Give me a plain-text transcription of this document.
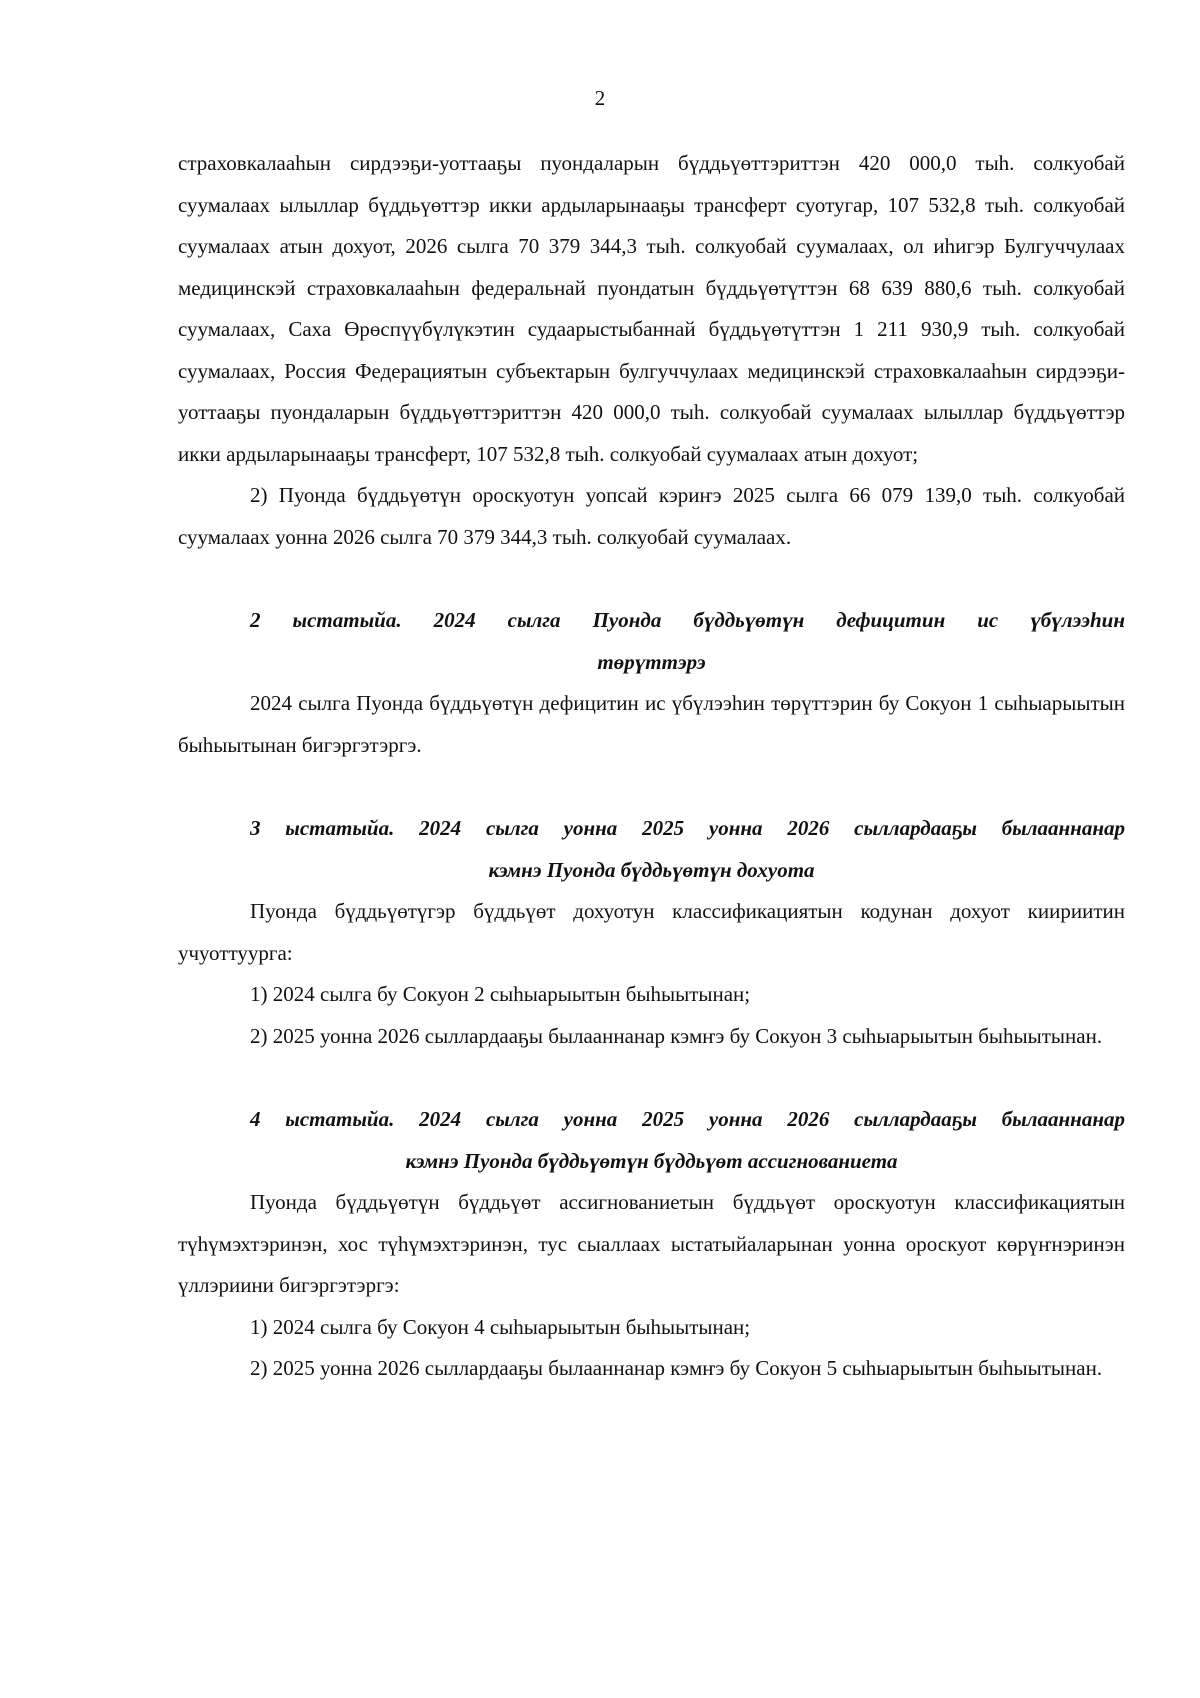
2

страховкалааһын сирдээҕи-уоттааҕы пуондаларын бүддьүөттэриттэн 420 000,0 тыһ. солкуобай суумалаах ылыллар бүддьүөттэр икки ардыларынааҕы трансферт суотугар, 107 532,8 тыһ. солкуобай суумалаах атын дохуот, 2026 сылга 70 379 344,3 тыһ. солкуобай суумалаах, ол иһигэр Булгуччулаах медицинскэй страховкалааһын федеральнай пуондатын бүддьүөтүттэн 68 639 880,6 тыһ. солкуобай суумалаах, Саха Өрөспүүбүлүкэтин судаарыстыбаннай бүддьүөтүттэн 1 211 930,9 тыһ. солкуобай суумалаах, Россия Федерациятын субъектарын булгуччулаах медицинскэй страховкалааһын сирдээҕи-уоттааҕы пуондаларын бүддьүөттэриттэн 420 000,0 тыһ. солкуобай суумалаах ылыллар бүддьүөттэр икки ардыларынааҕы трансферт, 107 532,8 тыһ. солкуобай суумалаах атын дохуот;

2) Пуонда бүддьүөтүн ороскуотун уопсай кэриҥэ 2025 сылга 66 079 139,0 тыһ. солкуобай суумалаах уонна 2026 сылга 70 379 344,3 тыһ. солкуобай суумалаах.

2 ыстатыйа. 2024 сылга Пуонда бүддьүөтүн дефицитин ис үбүлээһин
төрүттэрэ

2024 сылга Пуонда бүддьүөтүн дефицитин ис үбүлээһин төрүттэрин бу Сокуон 1 сыһыарыытын быһыытынан бигэргэтэргэ.

3 ыстатыйа. 2024 сылга уонна 2025 уонна 2026 сыллардааҕы былааннанар
кэмнэ Пуонда бүддьүөтүн дохуота

Пуонда бүддьүөтүгэр бүддьүөт дохуотун классификациятын кодунан дохуот киириитин учуоттуурга:

1) 2024 сылга бу Сокуон 2 сыһыарыытын быһыытынан;

2) 2025 уонна 2026 сыллардааҕы былааннанар кэмҥэ бу Сокуон 3 сыһыарыытын быһыытынан.

4 ыстатыйа. 2024 сылга уонна 2025 уонна 2026 сыллардааҕы былааннанар
кэмнэ Пуонда бүддьүөтүн бүддьүөт ассигнованиета

Пуонда бүддьүөтүн бүддьүөт ассигнованиетын бүддьүөт ороскуотун классификациятын түһүмэхтэринэн, хос түһүмэхтэринэн, тус сыаллаах ыстатыйаларынан уонна ороскуот көрүҥнэринэн үллэриини бигэргэтэргэ:

1) 2024 сылга бу Сокуон 4 сыһыарыытын быһыытынан;

2) 2025 уонна 2026 сыллардааҕы былааннанар кэмҥэ бу Сокуон 5 сыһыарыытын быһыытынан.
